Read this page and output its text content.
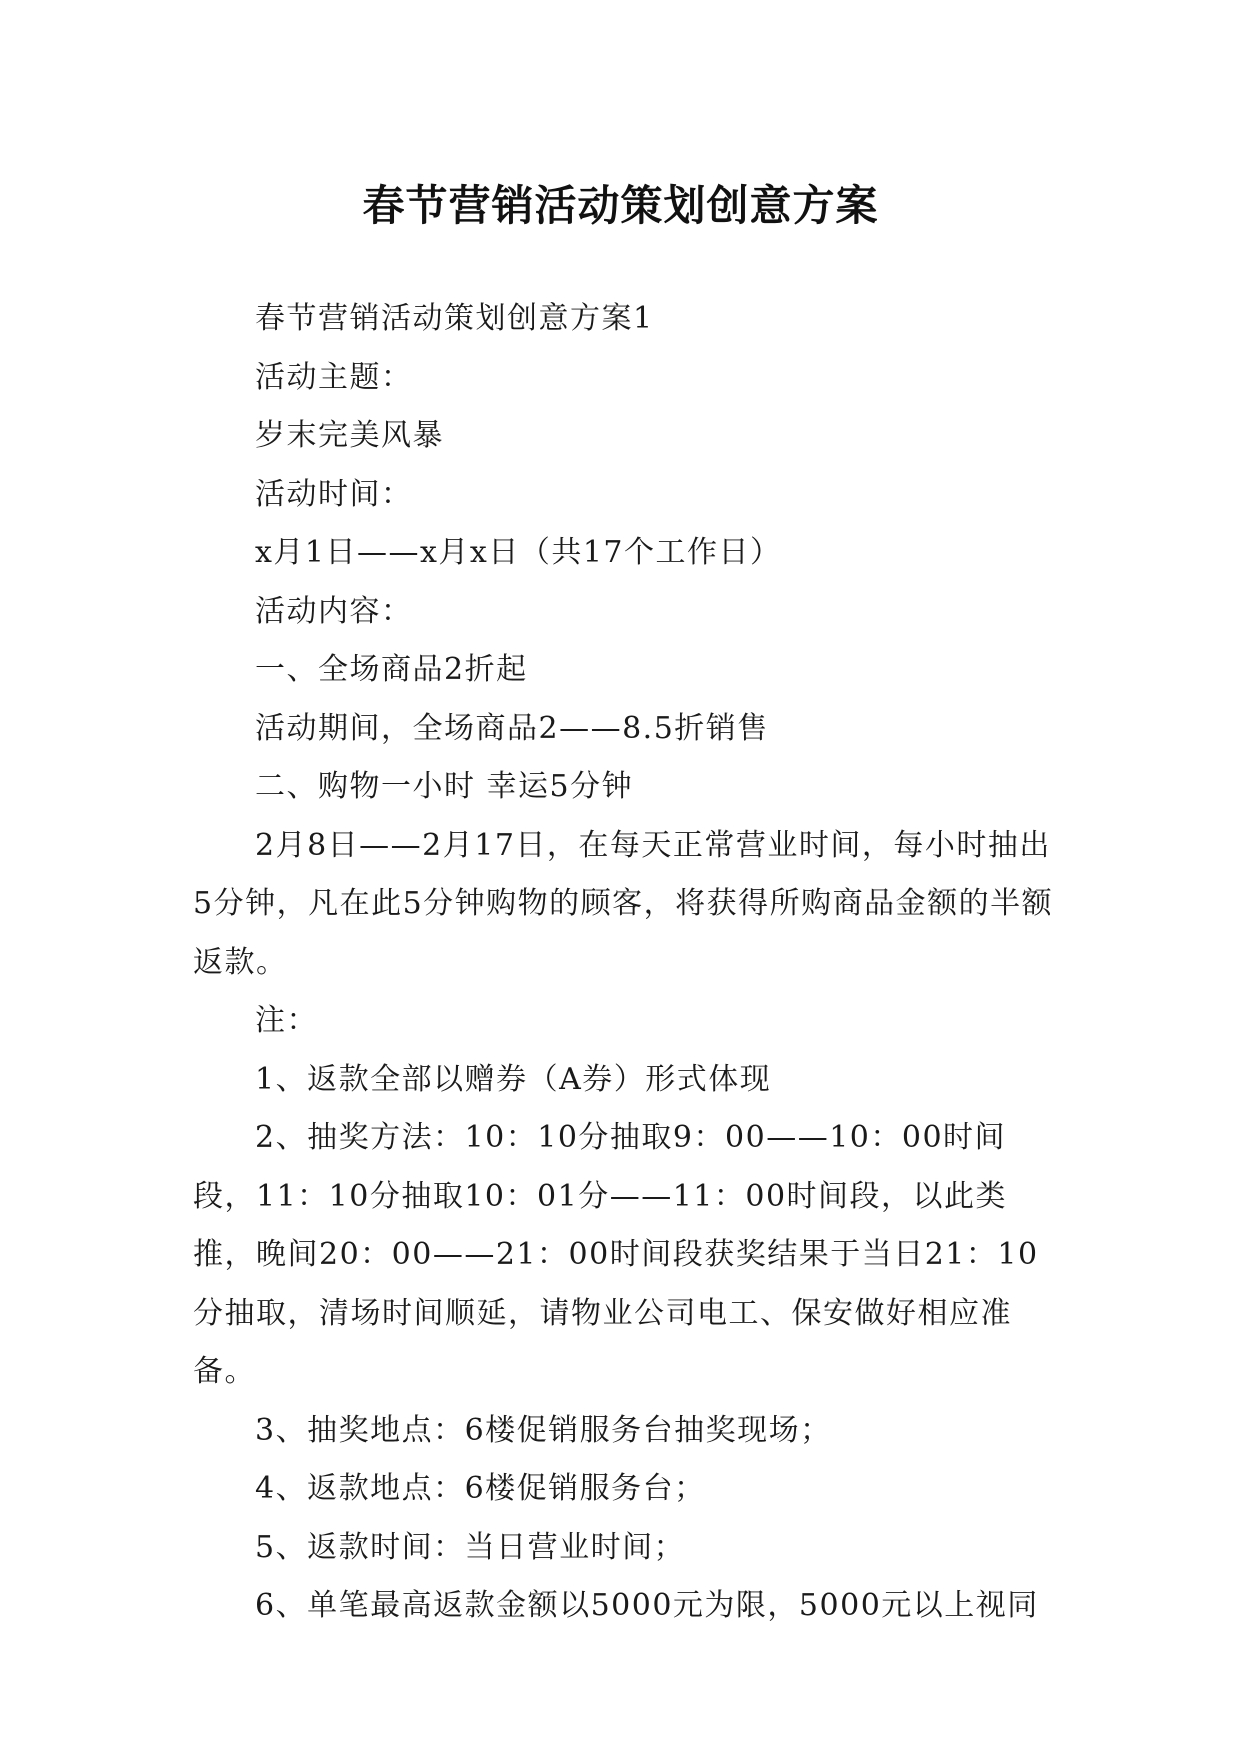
春节营销活动策划创意方案

春节营销活动策划创意方案1

活动主题：

岁末完美风暴

活动时间：

x月1日——x月x日（共17个工作日）

活动内容：

一、全场商品2折起

活动期间，全场商品2——8.5折销售

二、购物一小时 幸运5分钟

2月8日——2月17日，在每天正常营业时间，每小时抽出5分钟，凡在此5分钟购物的顾客，将获得所购商品金额的半额返款。

注：

1、返款全部以赠券（A券）形式体现

2、抽奖方法：10：10分抽取9：00——10：00时间段，11：10分抽取10：01分——11：00时间段，以此类推，晚间20：00——21：00时间段获奖结果于当日21：10分抽取，清场时间顺延，请物业公司电工、保安做好相应准备。

3、抽奖地点：6楼促销服务台抽奖现场；

4、返款地点：6楼促销服务台；

5、返款时间：当日营业时间；

6、单笔最高返款金额以5000元为限，5000元以上视同
